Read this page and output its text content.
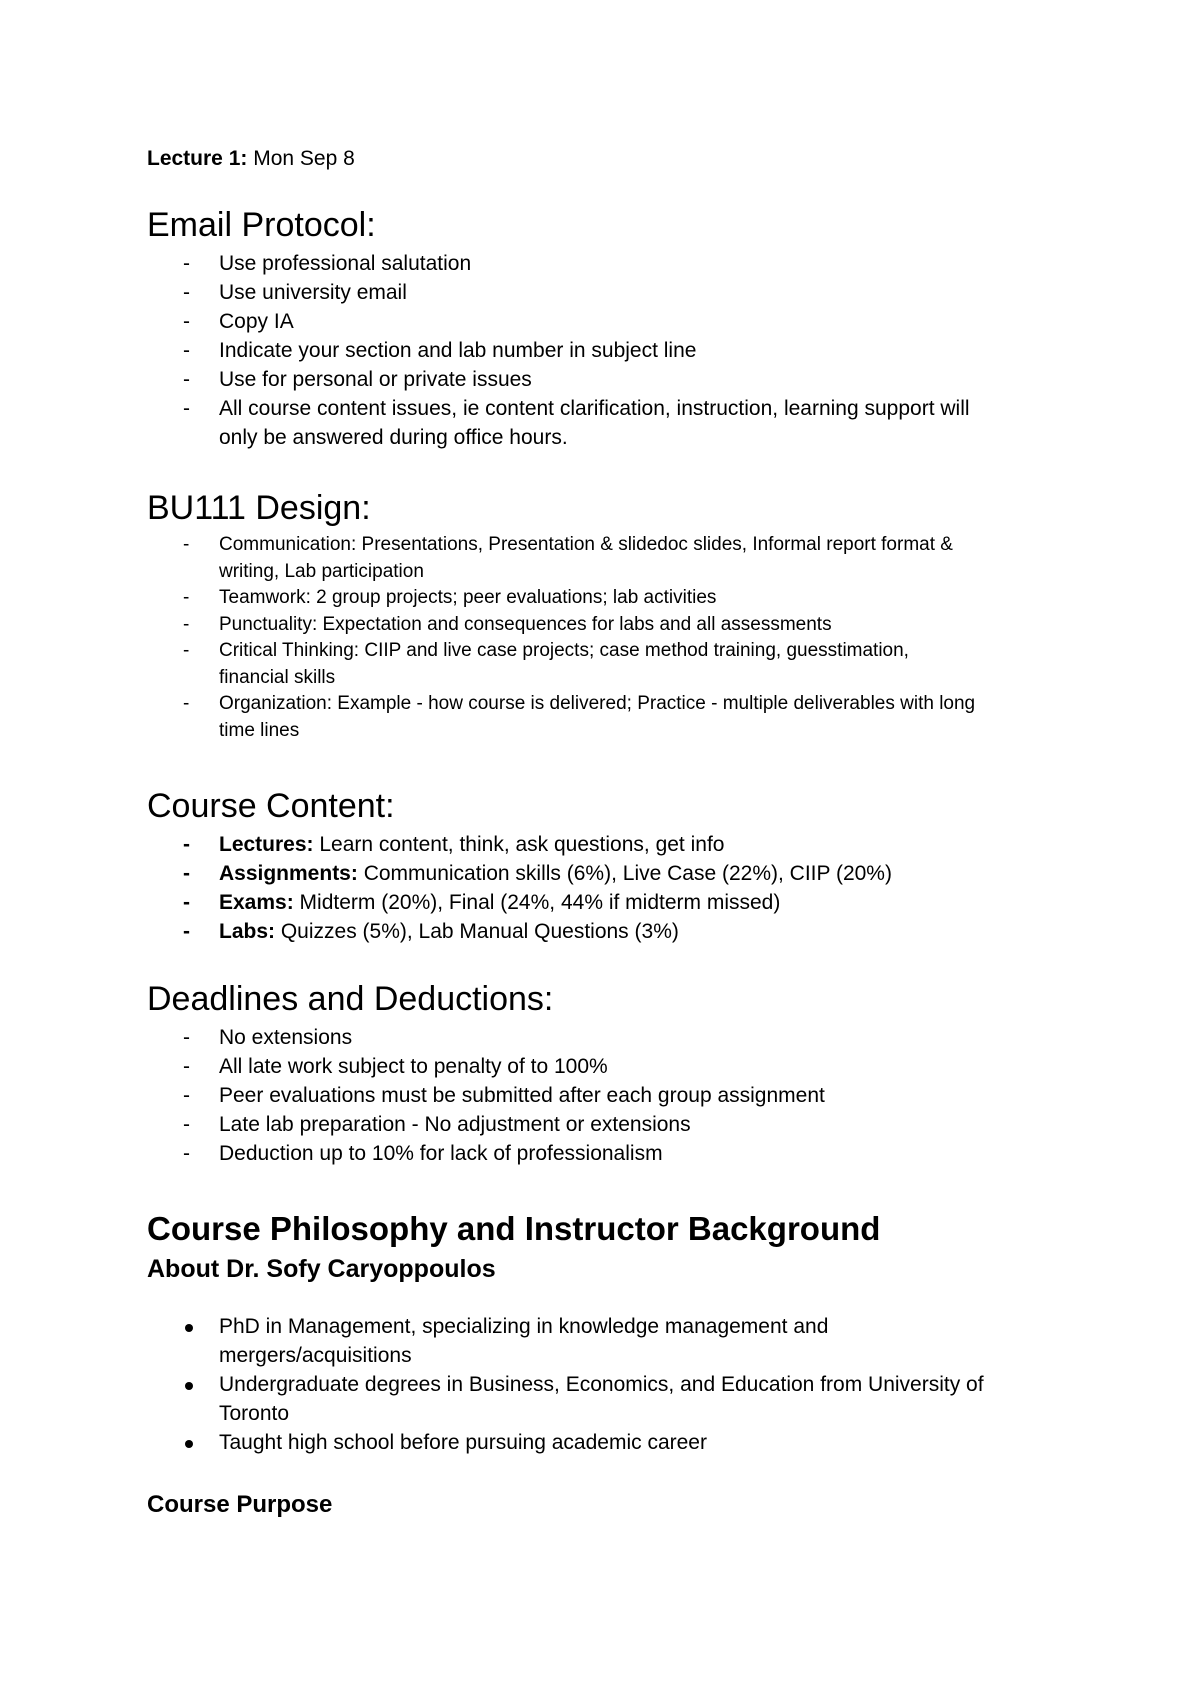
Lecture 1: Mon Sep 8
Email Protocol:
- Use professional salutation
- Use university email
- Copy IA
- Indicate your section and lab number in subject line
- Use for personal or private issues
- All course content issues, ie content clarification, instruction, learning support will only be answered during office hours.
BU111 Design:
- Communication: Presentations, Presentation & slidedoc slides, Informal report format & writing, Lab participation
- Teamwork: 2 group projects; peer evaluations; lab activities
- Punctuality: Expectation and consequences for labs and all assessments
- Critical Thinking: CIIP and live case projects; case method training, guesstimation, financial skills
- Organization: Example - how course is delivered; Practice - multiple deliverables with long time lines
Course Content:
- Lectures: Learn content, think, ask questions, get info
- Assignments: Communication skills (6%), Live Case (22%), CIIP (20%)
- Exams: Midterm (20%), Final (24%, 44% if midterm missed)
- Labs: Quizzes (5%), Lab Manual Questions (3%)
Deadlines and Deductions:
- No extensions
- All late work subject to penalty of to 100%
- Peer evaluations must be submitted after each group assignment
- Late lab preparation - No adjustment or extensions
- Deduction up to 10% for lack of professionalism
Course Philosophy and Instructor Background
About Dr. Sofy Caryoppoulos
PhD in Management, specializing in knowledge management and mergers/acquisitions
Undergraduate degrees in Business, Economics, and Education from University of Toronto
Taught high school before pursuing academic career
Course Purpose
